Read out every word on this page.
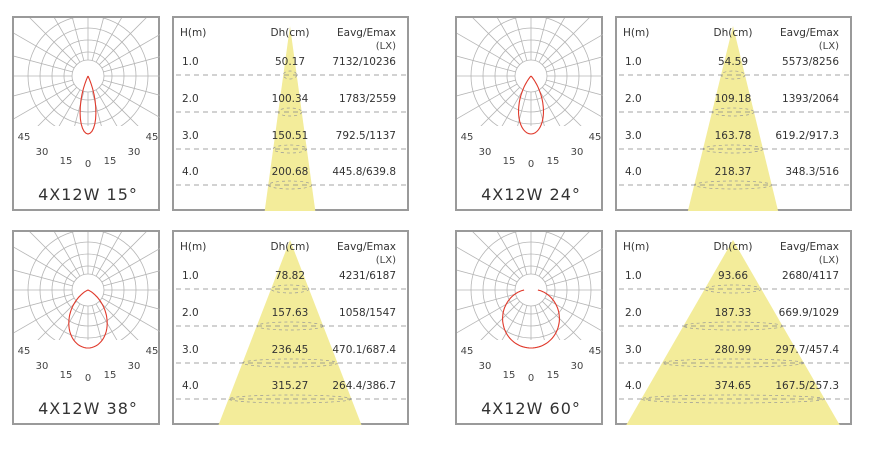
45
30
15 0 15
30
45
4X12W 15°
H(m)	Dh(cm)	Eavg/Emax
(LX)
1.0	50.17	7132/10236
2.0	100.34	1783/2559
3.0	150.51	792.5/1137
4.0	200.68 445.8/639.8
45
30
15 0 15
30
45
4X12W 24°
H(m)	Dh(cm)	Eavg/Emax
(LX)
1.0	54.59	5573/8256
2.0	109.18	1393/2064
3.0	163.78 619.2/917.3
4.0	218.37	348.3/516
45
30
15 0 15
30
45
4X12W 38°
H(m)	Dh(cm)	Eavg/Emax
(LX)
1.0	78.82	4231/6187
2.0	157.63	1058/1547
3.0	236.45 470.1/687.4
4.0	315.27 264.4/386.7
45
30
15 0 15
30
45
4X12W 60°
H(m)	Dh(cm)	Eavg/Emax
(LX)
1.0	93.66	2680/4117
2.0	187.33	669.9/1029
3.0	280.99 297.7/457.4
4.0	374.65 167.5/257.3
